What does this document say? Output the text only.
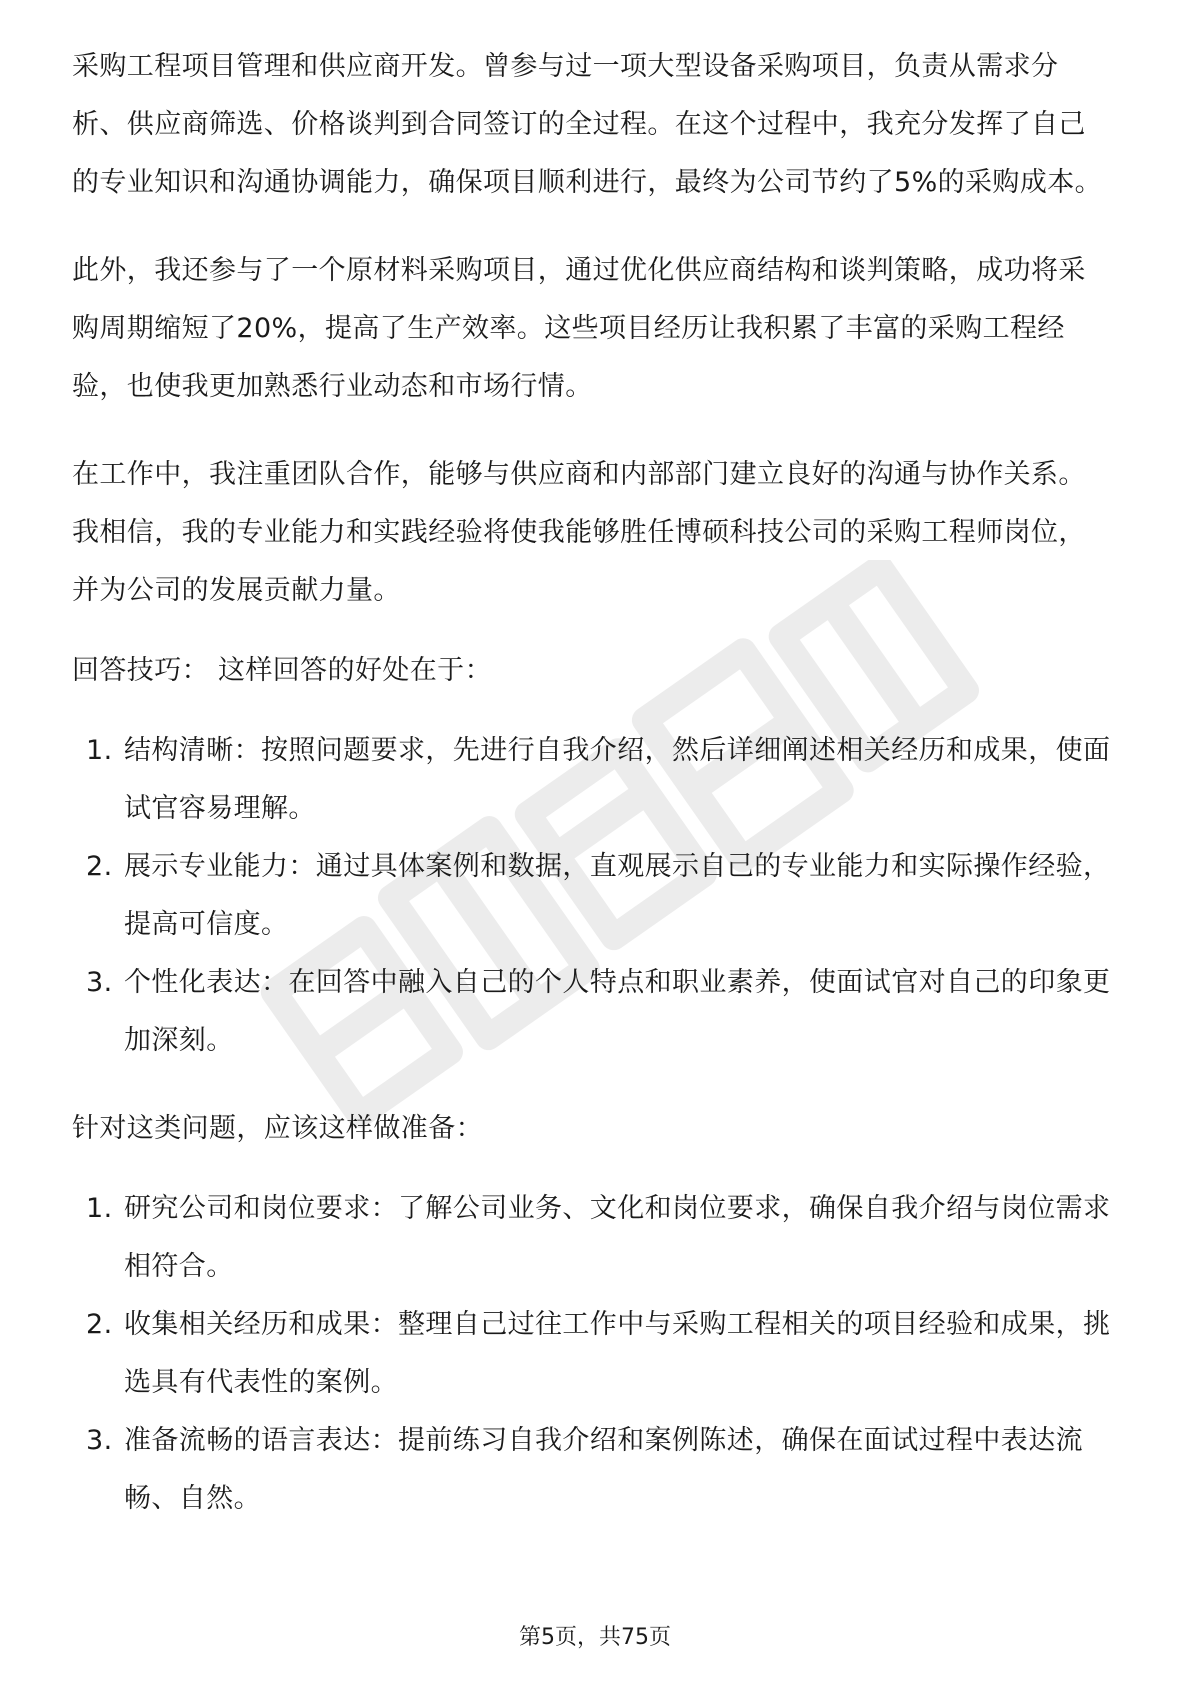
采购工程项目管理和供应商开发。曾参与过一项大型设备采购项目，负责从需求分析、供应商筛选、价格谈判到合同签订的全过程。在这个过程中，我充分发挥了自己的专业知识和沟通协调能力，确保项目顺利进行，最终为公司节约了5%的采购成本。

此外，我还参与了一个原材料采购项目，通过优化供应商结构和谈判策略，成功将采购周期缩短了20%，提高了生产效率。这些项目经历让我积累了丰富的采购工程经验，也使我更加熟悉行业动态和市场行情。

在工作中，我注重团队合作，能够与供应商和内部部门建立良好的沟通与协作关系。我相信，我的专业能力和实践经验将使我能够胜任博硕科技公司的采购工程师岗位，并为公司的发展贡献力量。

回答技巧： 这样回答的好处在于：

1. 结构清晰：按照问题要求，先进行自我介绍，然后详细阐述相关经历和成果，使面试官容易理解。
2. 展示专业能力：通过具体案例和数据，直观展示自己的专业能力和实际操作经验，提高可信度。
3. 个性化表达：在回答中融入自己的个人特点和职业素养，使面试官对自己的印象更加深刻。

针对这类问题，应该这样做准备：

1. 研究公司和岗位要求：了解公司业务、文化和岗位要求，确保自我介绍与岗位需求相符合。
2. 收集相关经历和成果：整理自己过往工作中与采购工程相关的项目经验和成果，挑选具有代表性的案例。
3. 准备流畅的语言表达：提前练习自我介绍和案例陈述，确保在面试过程中表达流畅、自然。
第5页，共75页
